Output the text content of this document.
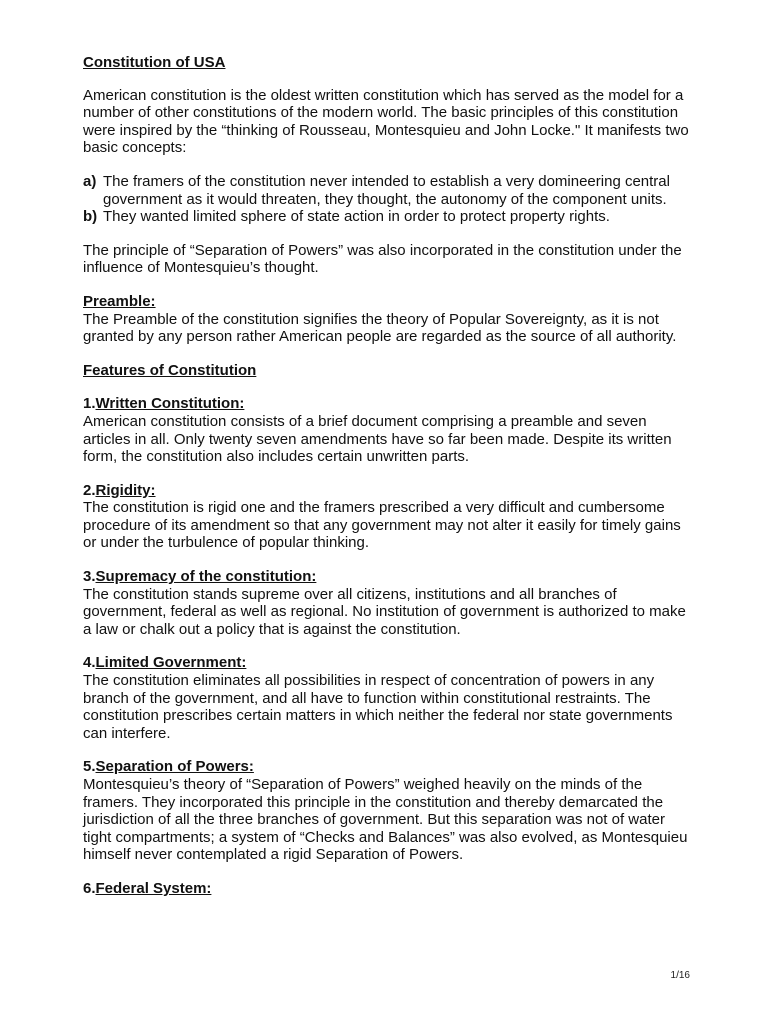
Constitution of USA

American constitution is the oldest written constitution which has served as the model for a number of other constitutions of the modern world. The basic principles of this constitution were inspired by the “thinking of Rousseau, Montesquieu and John Locke." It manifests two basic concepts:

a) The framers of the constitution never intended to establish a very domineering central government as it would threaten, they thought, the autonomy of the component units.
b) They wanted limited sphere of state action in order to protect property rights.

The principle of “Separation of Powers” was also incorporated in the constitution under the influence of Montesquieu’s thought.

Preamble:

The Preamble of the constitution signifies the theory of Popular Sovereignty, as it is not granted by any person rather American people are regarded as the source of all authority.

Features of Constitution

1.Written Constitution:

American constitution consists of a brief document comprising a preamble and seven articles in all. Only twenty seven amendments have so far been made. Despite its written form, the constitution also includes certain unwritten parts.

2.Rigidity:

The constitution is rigid one and the framers prescribed a very difficult and cumbersome procedure of its amendment so that any government may not alter it easily for timely gains or under the turbulence of popular thinking.

3.Supremacy of the constitution:

The constitution stands supreme over all citizens, institutions and all branches of government, federal as well as regional. No institution of government is authorized to make a law or chalk out a policy that is against the constitution.

4.Limited Government:

The constitution eliminates all possibilities in respect of concentration of powers in any branch of the government, and all have to function within constitutional restraints. The constitution prescribes certain matters in which neither the federal nor state governments can interfere.

5.Separation of Powers:

Montesquieu’s theory of “Separation of Powers” weighed heavily on the minds of the framers. They incorporated this principle in the constitution and thereby demarcated the jurisdiction of all the three branches of government. But this separation was not of water tight compartments; a system of “Checks and Balances” was also evolved, as Montesquieu himself never contemplated a rigid Separation of Powers.

6.Federal System:

1/16
